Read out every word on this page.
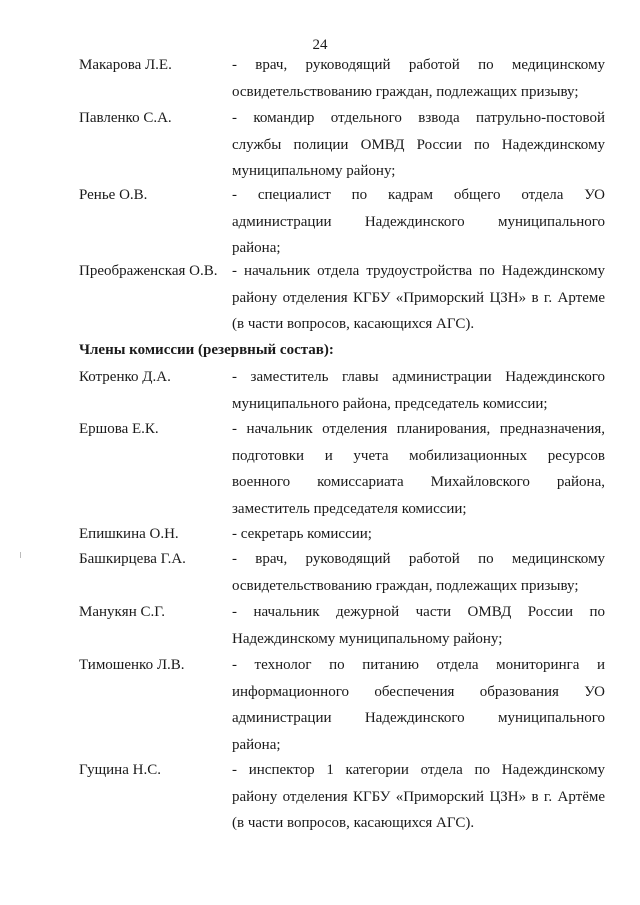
24
Макарова Л.Е.	- врач, руководящий работой по медицинскому
освидетельствованию граждан, подлежащих призыву;
Павленко С.А.	- командир отдельного взвода патрульно-постовой
службы полиции ОМВД России по Надеждинскому
муниципальному району;
Ренье О.В.	- специалист по кадрам общего отдела УО
администрации Надеждинского муниципального
района;
Преображенская О.В. - начальник отдела трудоустройства по Надеждинскому
району отделения КГБУ «Приморский ЦЗН» в г. Артеме
(в части вопросов, касающихся АГС).
Члены комиссии (резервный состав):
Котренко Д.А.	- заместитель главы администрации Надеждинского
муниципального района, председатель комиссии;
Ершова Е.К.	- начальник отделения планирования, предназначения,
подготовки и учета мобилизационных ресурсов
военного комиссариата Михайловского района,
заместитель председателя комиссии;
Епишкина О.Н.	- секретарь комиссии;
Башкирцева Г.А.	- врач, руководящий работой по медицинскому
освидетельствованию граждан, подлежащих призыву;
Манукян С.Г.	- начальник дежурной части ОМВД России по
Надеждинскому муниципальному району;
Тимошенко Л.В.	- технолог по питанию отдела мониторинга и
информационного обеспечения образования УО
администрации Надеждинского муниципального
района;
Гущина Н.С.	- инспектор 1 категории отдела по Надеждинскому
району отделения КГБУ «Приморский ЦЗН» в г. Артёме
(в части вопросов, касающихся АГС).
